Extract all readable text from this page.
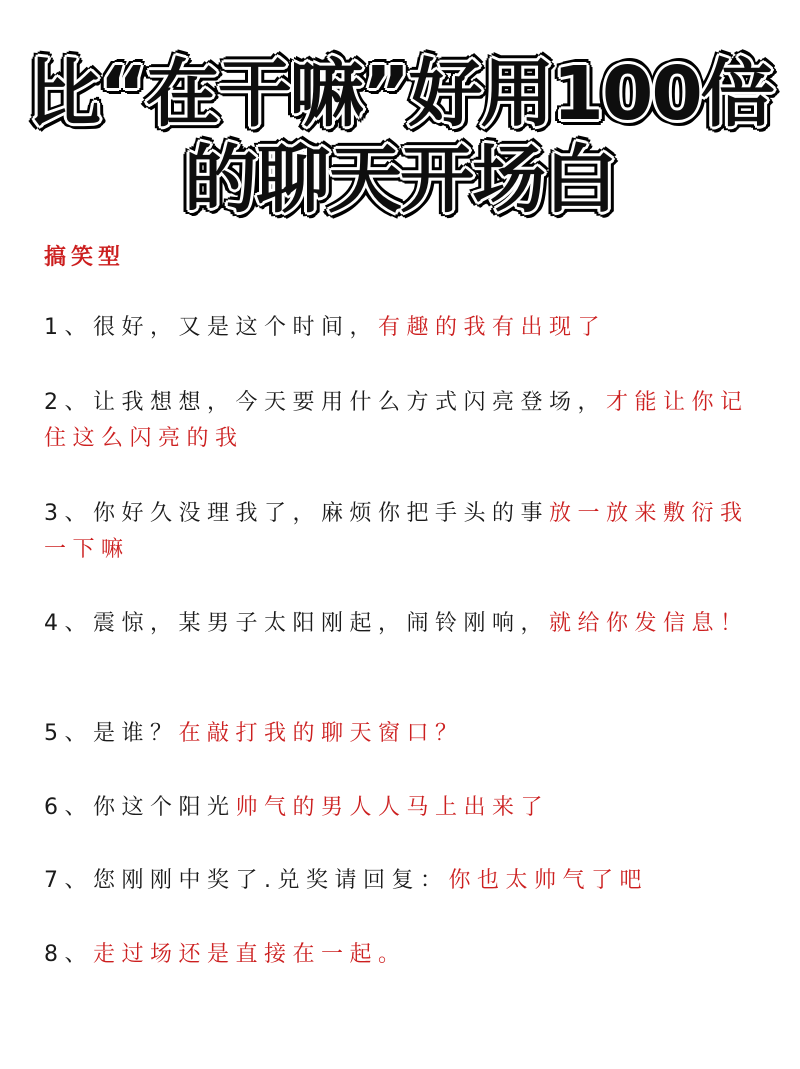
比“在干嘛”好用100倍
的聊天开场白
搞笑型
1、很好，又是这个时间，有趣的我有出现了
2、让我想想，今天要用什么方式闪亮登场，才能让你记住这么闪亮的我
3、你好久没理我了，麻烦你把手头的事放一放来敷衍我一下嘛
4、震惊，某男子太阳刚起，闹铃刚响，就给你发信息！
5、是谁？在敲打我的聊天窗口？
6、你这个阳光帅气的男人人马上出来了
7、您刚刚中奖了.兑奖请回复：你也太帅气了吧
8、走过场还是直接在一起。
